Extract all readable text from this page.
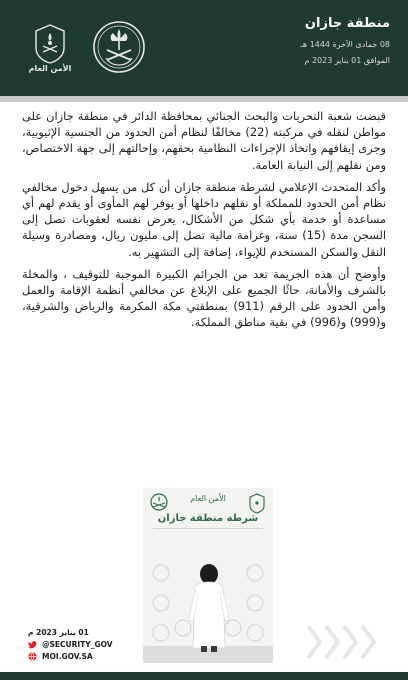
منطقة جازان
08 جمادى الآخرة 1444 هـ
الموافق 01 يناير 2023 م
الأمن العام

قبضت شعبة التحريات والبحث الجنائي بمحافظة الدائر في منطقة جازان على مواطن لنقله في مركبته (22) مخالفًا لنظام أمن الحدود من الجنسية الإثيوبية، وجرى إيقافهم واتخاذ الإجراءات النظامية بحقهم، وإحالتهم إلى جهة الاختصاص، ومن نقلهم إلى النيابة العامة.

وأكد المتحدث الإعلامي لشرطة منطقة جازان أن كل من يسهل دخول مخالفي نظام أمن الحدود للمملكة أو نقلهم داخلها أو يوفر لهم المأوى أو يقدم لهم أي مساعدة أو خدمة بأي شكل من الأشكال، يعرض نفسه لعقوبات تصل إلى السجن مدة (15) سنة، وغرامة مالية تصل إلى مليون ريال، ومصادرة وسيلة النقل والسكن المستخدم للإيواء، إضافة إلى التشهير به.

وأوضح أن هذه الجريمة تعد من الجرائم الكبيرة الموجبة للتوقيف ، والمخلة بالشرف والأمانة، حاثًا الجميع على الإبلاغ عن مخالفي أنظمة الإقامة والعمل وأمن الحدود على الرقم (911) بمنطقتي مكة المكرمة والرياض والشرقية، و(999) و(996) في بقية مناطق المملكة.

الأمن العام
شرطة منطقة جازان
01 يناير 2023 م
@SECURITY_GOV
MOI.GOV.SA
